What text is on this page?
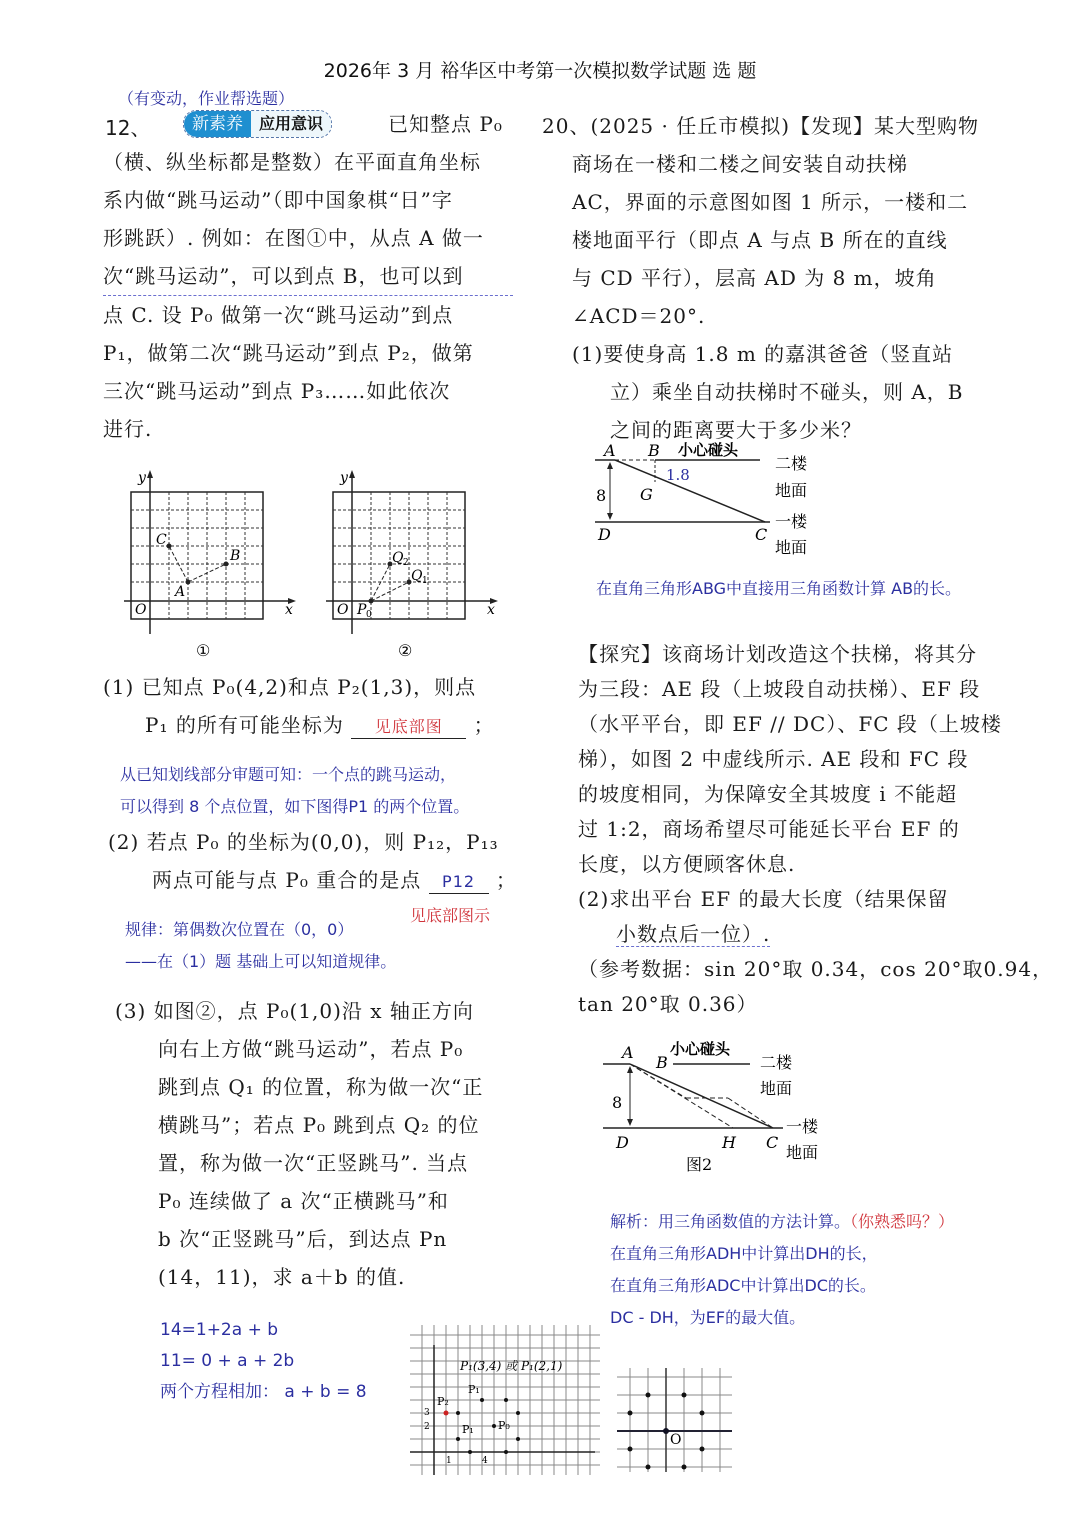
2026年 3 月 裕华区中考第一次模拟数学试题 选 题
（有变动，作业帮选题）
12、	新素养	应用意识	已知整点 P₀
（横、纵坐标都是整数）在平面直角坐标
系内做“跳马运动”（即中国象棋“日”字
形跳跃）. 例如：在图①中，从点 A 做一
次“跳马运动”，可以到点 B，也可以到
点 C. 设 P₀ 做第一次“跳马运动”到点
P₁，做第二次“跳马运动”到点 P₂，做第
三次“跳马运动”到点 P₃……如此依次
进行.
y
x
O
A
B
C
①
y
x
O P 0
Q 2
Q 1
②
(1) 已知点 P₀(4,2)和点 P₂(1,3)，则点
P₁ 的所有可能坐标为 见底部图 ；
从已知划线部分审题可知：一个点的跳马运动，
可以得到 8 个点位置，如下图得P1 的两个位置。
(2) 若点 P₀ 的坐标为(0,0)，则 P₁₂，P₁₃
两点可能与点 P₀ 重合的是点 P12 ；
见底部图示
规律：第偶数次位置在（0，0）
——在（1）题 基础上可以知道规律。
(3) 如图②，点 P₀(1,0)沿 x 轴正方向
向右上方做“跳马运动”，若点 P₀
跳到点 Q₁ 的位置，称为做一次“正
横跳马”；若点 P₀ 跳到点 Q₂ 的位
置，称为做一次“正竖跳马”. 当点
P₀ 连续做了 a 次“正横跳马”和
b 次“正竖跳马”后，到达点 Pn
(14，11)，求 a＋b 的值.
14=1+2a + b
11= 0 + a + 2b
两个方程相加： a + b = 8
P₁(3,4) 或 P₁(2,1)
P₂
P₁
P₁ P₀
3
2
1	4
O
20、(2025 · 任丘市模拟)【发现】某大型购物
商场在一楼和二楼之间安装自动扶梯
AC，界面的示意图如图 1 所示，一楼和二
楼地面平行（即点 A 与点 B 所在的直线
与 CD 平行），层高 AD 为 8 m，坡角
∠ACD＝20°.
(1)要使身高 1.8 m 的嘉淇爸爸（竖直站
立）乘坐自动扶梯时不碰头，则 A，B
之间的距离要大于多少米？
A B 小心碰头
1.8
G
8
D	C
二楼
地面
一楼
地面
在直角三角形ABG中直接用三角函数计算 AB的长。
【探究】该商场计划改造这个扶梯，将其分
为三段：AE 段（上坡段自动扶梯）、EF 段
（水平平台，即 EF // DC）、FC 段（上坡楼
梯），如图 2 中虚线所示. AE 段和 FC 段
的坡度相同，为保障安全其坡度 i 不能超
过 1:2，商场希望尽可能延长平台 EF 的
长度，以方便顾客休息.
(2)求出平台 EF 的最大长度（结果保留
小数点后一位）.
（参考数据：sin 20°取 0.34，cos 20°取0.94，
tan 20°取 0.36）
A
B
小心碰头
8
D	H C
二楼
地面
一楼
地面
图2
解析：用三角函数值的方法计算。（你熟悉吗？）
在直角三角形ADH中计算出DH的长，
在直角三角形ADC中计算出DC的长。
DC - DH，为EF的最大值。
